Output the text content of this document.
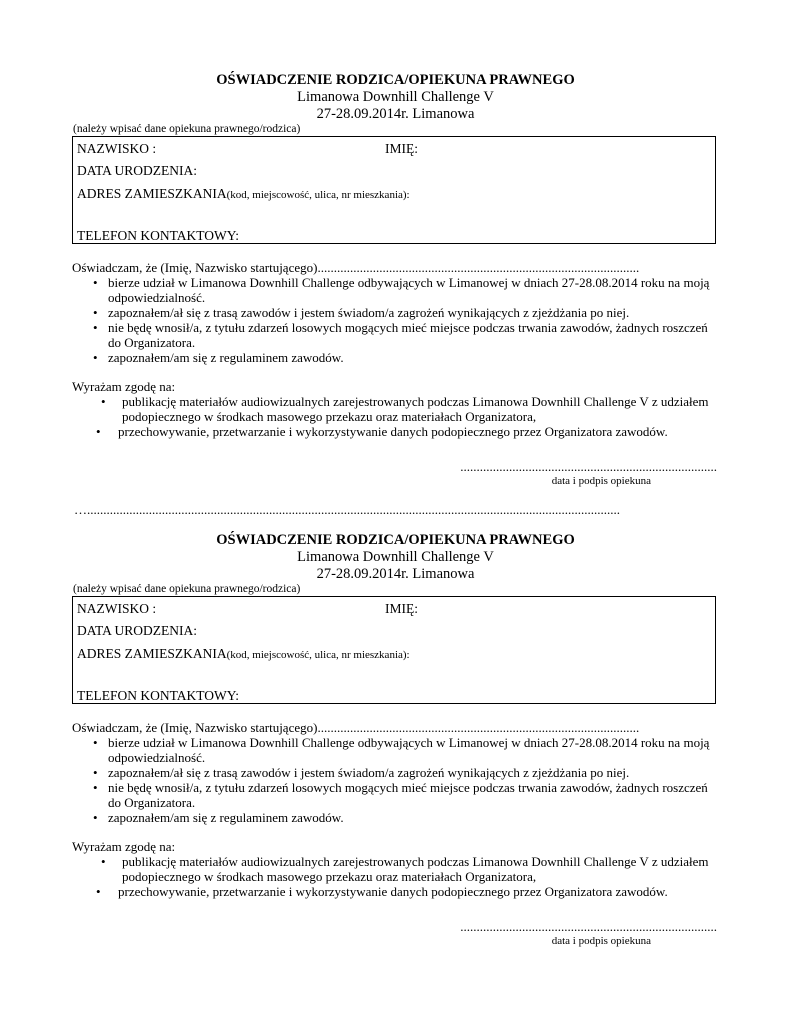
OŚWIADCZENIE RODZICA/OPIEKUNA PRAWNEGO

Limanowa Downhill Challenge V

27-28.09.2014r. Limanowa

(należy wpisać dane opiekuna prawnego/rodzica)

NAZWISKO :	IMIĘ:
DATA URODZENIA:
ADRES ZAMIESZKANIA(kod, miejscowość, ulica, nr mieszkania):
TELEFON KONTAKTOWY:

Oświadczam, że (Imię, Nazwisko startującego)...................................................................................................

• bierze udział w Limanowa Downhill Challenge odbywających w Limanowej w dniach 27-28.08.2014 roku na moją odpowiedzialność.
• zapoznałem/ał się z trasą zawodów i jestem świadom/a zagrożeń wynikających z zjeżdżania po niej.
• nie będę wnosił/a, z tytułu zdarzeń losowych mogących mieć miejsce podczas trwania zawodów, żadnych roszczeń do Organizatora.
• zapoznałem/am się z regulaminem zawodów.

Wyrażam zgodę na:

• publikację materiałów audiowizualnych zarejestrowanych podczas Limanowa Downhill Challenge V z udziałem podopiecznego w środkach masowego przekazu oraz materiałach Organizatora,
• przechowywanie, przetwarzanie i wykorzystywanie danych podopiecznego przez Organizatora zawodów.
...............................................................................
data i podpis opiekuna
…....................................................................................................................................................................

OŚWIADCZENIE RODZICA/OPIEKUNA PRAWNEGO

Limanowa Downhill Challenge V

27-28.09.2014r. Limanowa

(należy wpisać dane opiekuna prawnego/rodzica)

NAZWISKO :	IMIĘ:
DATA URODZENIA:
ADRES ZAMIESZKANIA(kod, miejscowość, ulica, nr mieszkania):
TELEFON KONTAKTOWY:

Oświadczam, że (Imię, Nazwisko startującego)...................................................................................................

• bierze udział w Limanowa Downhill Challenge odbywających w Limanowej w dniach 27-28.08.2014 roku na moją odpowiedzialność.
• zapoznałem/ał się z trasą zawodów i jestem świadom/a zagrożeń wynikających z zjeżdżania po niej.
• nie będę wnosił/a, z tytułu zdarzeń losowych mogących mieć miejsce podczas trwania zawodów, żadnych roszczeń do Organizatora.
• zapoznałem/am się z regulaminem zawodów.

Wyrażam zgodę na:

• publikację materiałów audiowizualnych zarejestrowanych podczas Limanowa Downhill Challenge V z udziałem podopiecznego w środkach masowego przekazu oraz materiałach Organizatora,
• przechowywanie, przetwarzanie i wykorzystywanie danych podopiecznego przez Organizatora zawodów.
...............................................................................
data i podpis opiekuna
